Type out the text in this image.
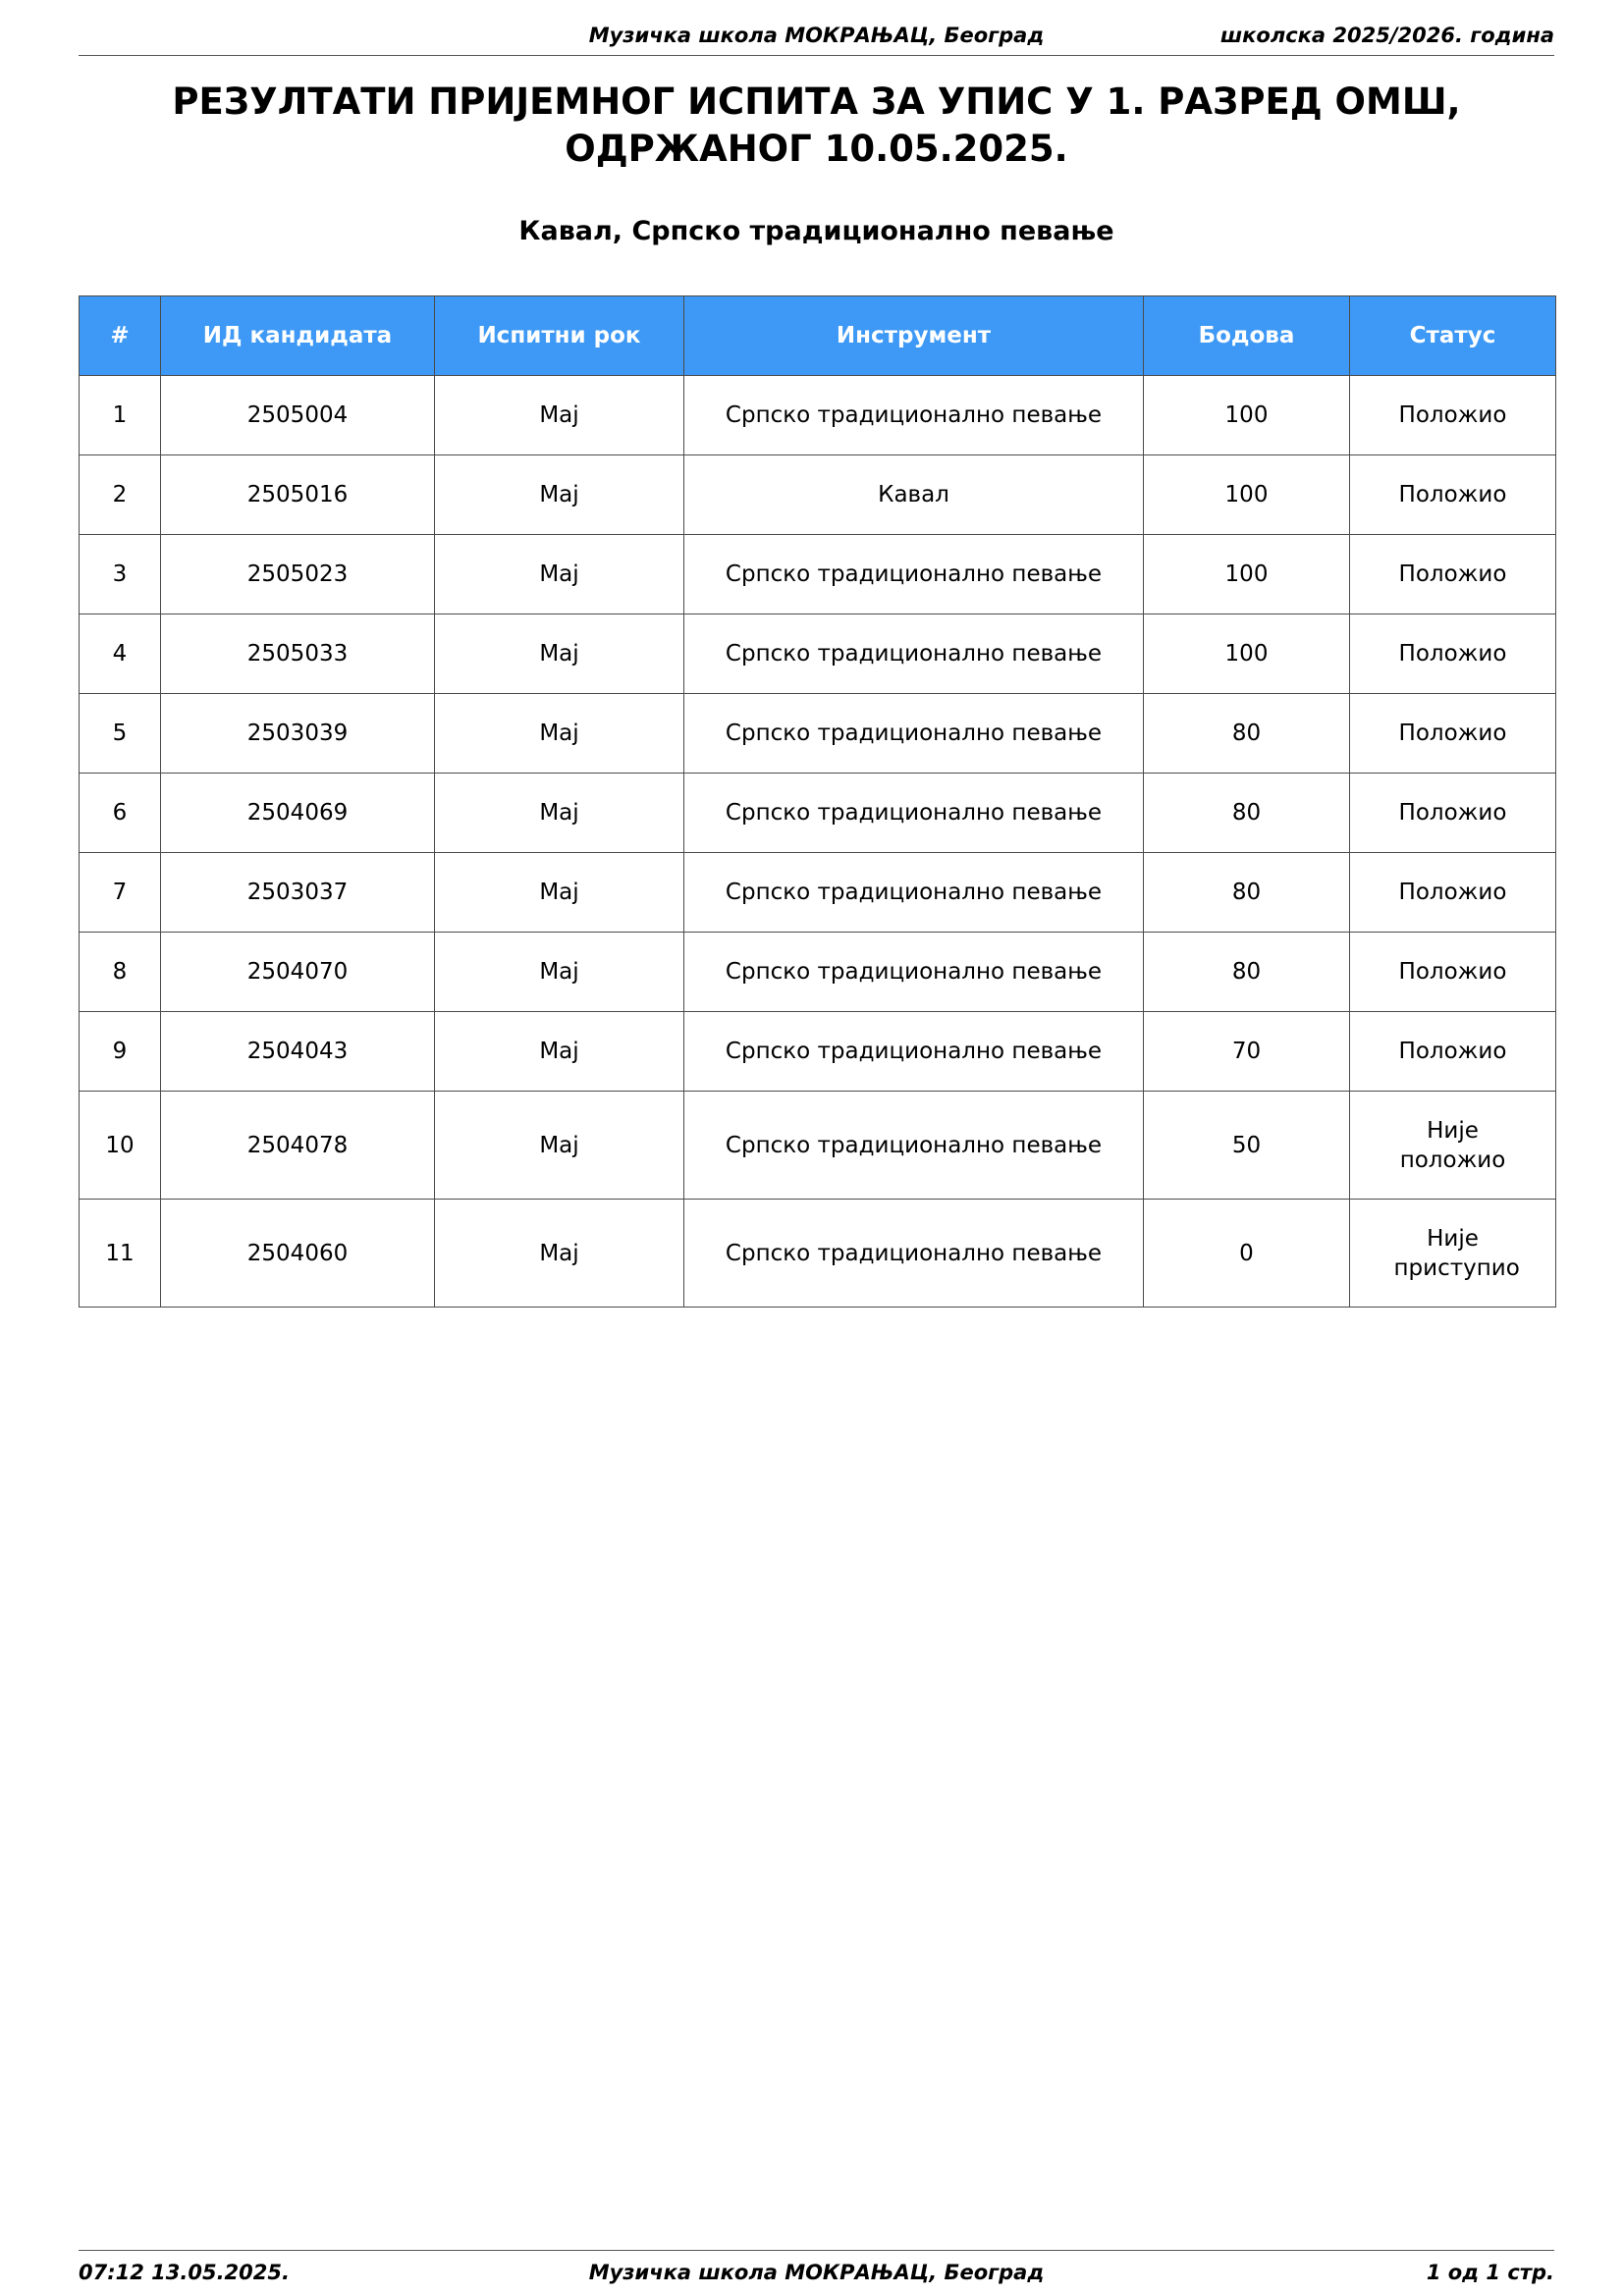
Музичка школа МОКРАЊАЦ, Београд	школска 2025/2026. година
РЕЗУЛТАТИ ПРИЈЕМНОГ ИСПИТА ЗА УПИС У 1. РАЗРЕД ОМШ, ОДРЖАНОГ 10.05.2025.
Кавал, Српско традиционално певање
#	ИД кандидата	Испитни рок	Инструмент	Бодова	Статус
1	2505004	Мај	Српско традиционално певање	100	Положио
2	2505016	Мај	Кавал	100	Положио
3	2505023	Мај	Српско традиционално певање	100	Положио
4	2505033	Мај	Српско традиционално певање	100	Положио
5	2503039	Мај	Српско традиционално певање	80	Положио
6	2504069	Мај	Српско традиционално певање	80	Положио
7	2503037	Мај	Српско традиционално певање	80	Положио
8	2504070	Мај	Српско традиционално певање	80	Положио
9	2504043	Мај	Српско традиционално певање	70	Положио
10	2504078	Мај	Српско традиционално певање	50	Није положио
11	2504060	Мај	Српско традиционално певање	0	Није приступио
07:12 13.05.2025.	Музичка школа МОКРАЊАЦ, Београд	1 од 1 стр.
